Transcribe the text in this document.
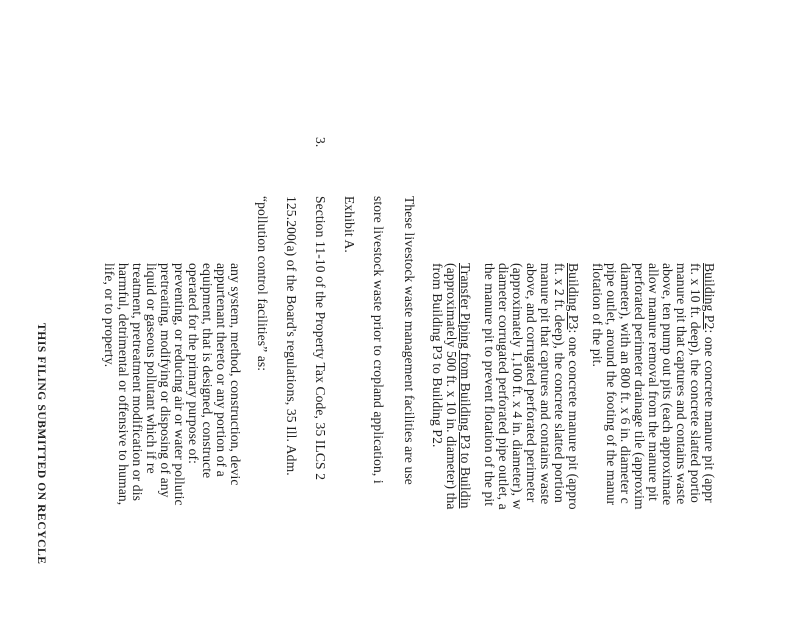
Building P2: one concrete manure pit (appr
ft. x 10 ft. deep), the concrete slatted portio
manure pit that captures and contains waste
above, ten pump out pits (each approximate
allow manure removal from the manure pit
perforated perimeter drainage tile (approxim
diameter), with an 800 ft. x 6 in. diameter c
pipe outlet, around the footing of the manur
flotation of the pit.
Building P3: one concrete manure pit (appro
ft. x 2 ft. deep), the concrete slatted portion
manure pit that captures and contains waste
above, and corrugated perforated perimeter
(approximately 1,100 ft. x 4 in. diameter), w
diameter corrugated perforated pipe outlet, a
the manure pit to prevent flotation of the pit
Transfer Piping from Building P3 to Buildin
(approximately 500 ft. x 10 in. diameter) tha
from Building P3 to Building P2.
These livestock waste management facilities are use
store livestock waste prior to cropland application, i
Exhibit A.
3.
Section 11-10 of the Property Tax Code, 35 ILCS 2
125.200(a) of the Board's regulations, 35 Ill. Adm.
“pollution control facilities” as:
any system, method, construction, devic
appurtenant thereto or any portion of a
equipment, that is designed, constructe
operated for the primary purpose of:
preventing, or reducing air or water pollutic
pretreating, modifying or disposing of any
liquid or gaseous pollutant which if re
treatment, pretreatment modification or dis
harmful, detrimental or offensive to human,
life, or to property.
THIS FILING SUBMITTED ON RECYCLE
